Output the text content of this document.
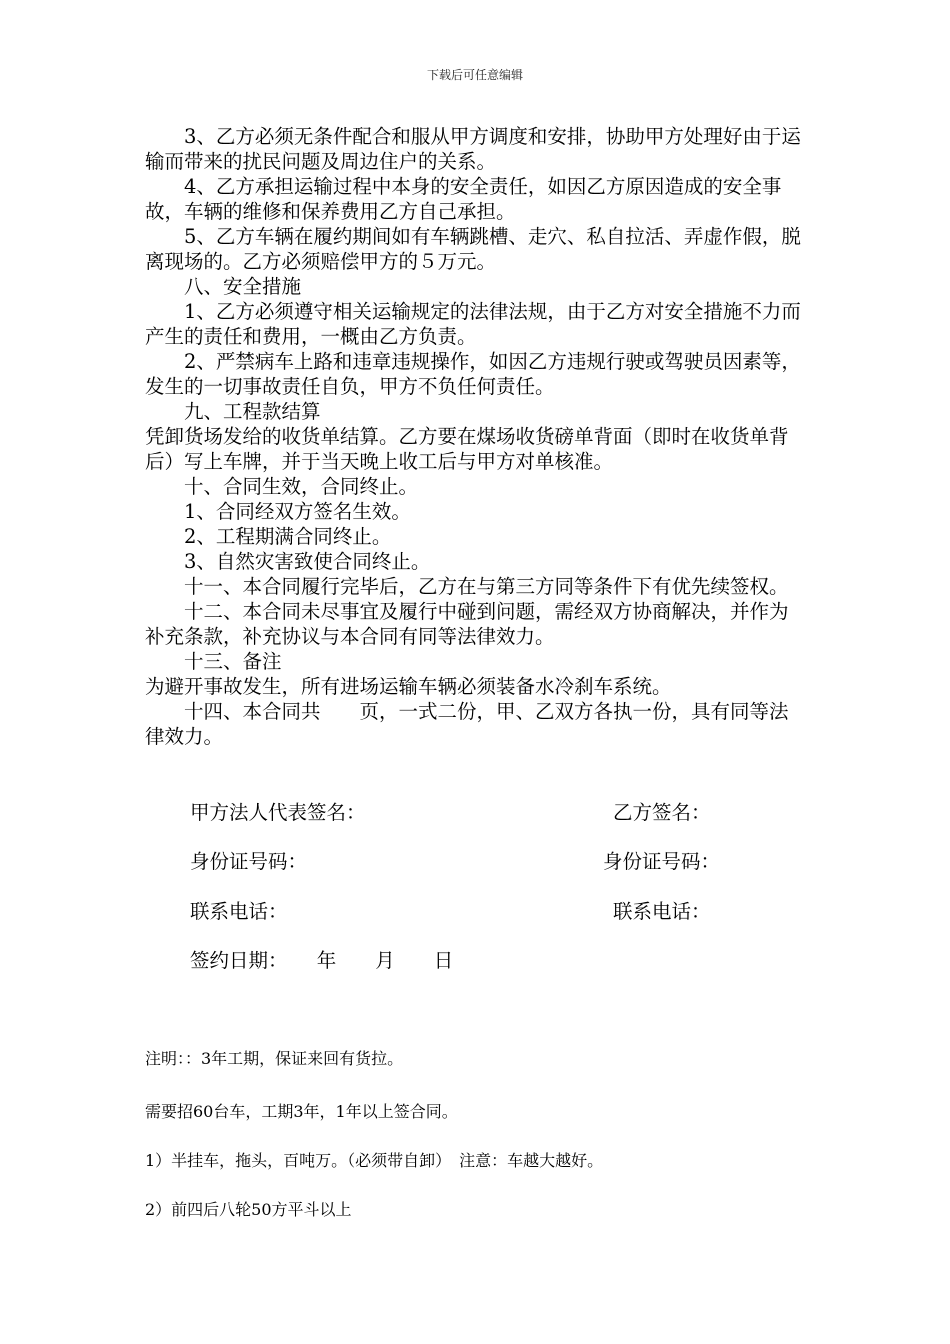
下载后可任意编辑

3、乙方必须无条件配合和服从甲方调度和安排，协助甲方处理好由于运输而带来的扰民问题及周边住户的关系。

4、乙方承担运输过程中本身的安全责任，如因乙方原因造成的安全事故，车辆的维修和保养费用乙方自己承担。

5、乙方车辆在履约期间如有车辆跳槽、走穴、私自拉活、弄虚作假，脱离现场的。乙方必须赔偿甲方的５万元。

八、安全措施

1、乙方必须遵守相关运输规定的法律法规，由于乙方对安全措施不力而产生的责任和费用，一概由乙方负责。

2、严禁病车上路和违章违规操作，如因乙方违规行驶或驾驶员因素等，发生的一切事故责任自负，甲方不负任何责任。

九、工程款结算

凭卸货场发给的收货单结算。乙方要在煤场收货磅单背面（即时在收货单背后）写上车牌，并于当天晚上收工后与甲方对单核准。

十、合同生效，合同终止。

1、合同经双方签名生效。

2、工程期满合同终止。

3、自然灾害致使合同终止。

十一、本合同履行完毕后，乙方在与第三方同等条件下有优先续签权。

十二、本合同未尽事宜及履行中碰到问题，需经双方协商解决，并作为补充条款，补充协议与本合同有同等法律效力。

十三、备注

为避开事故发生，所有进场运输车辆必须装备水冷刹车系统。

十四、本合同共　　页，一式二份，甲、乙双方各执一份，具有同等法律效力。

甲方法人代表签名：	乙方签名：
身份证号码：	身份证号码：
联系电话：	联系电话：
签约日期：　　年　　月　　日
注明：：3年工期，保证来回有货拉。
需要招60台车，工期3年，1年以上签合同。
1）半挂车，拖头，百吨万。（必须带自卸）　注意：车越大越好。
2）前四后八轮50方平斗以上
